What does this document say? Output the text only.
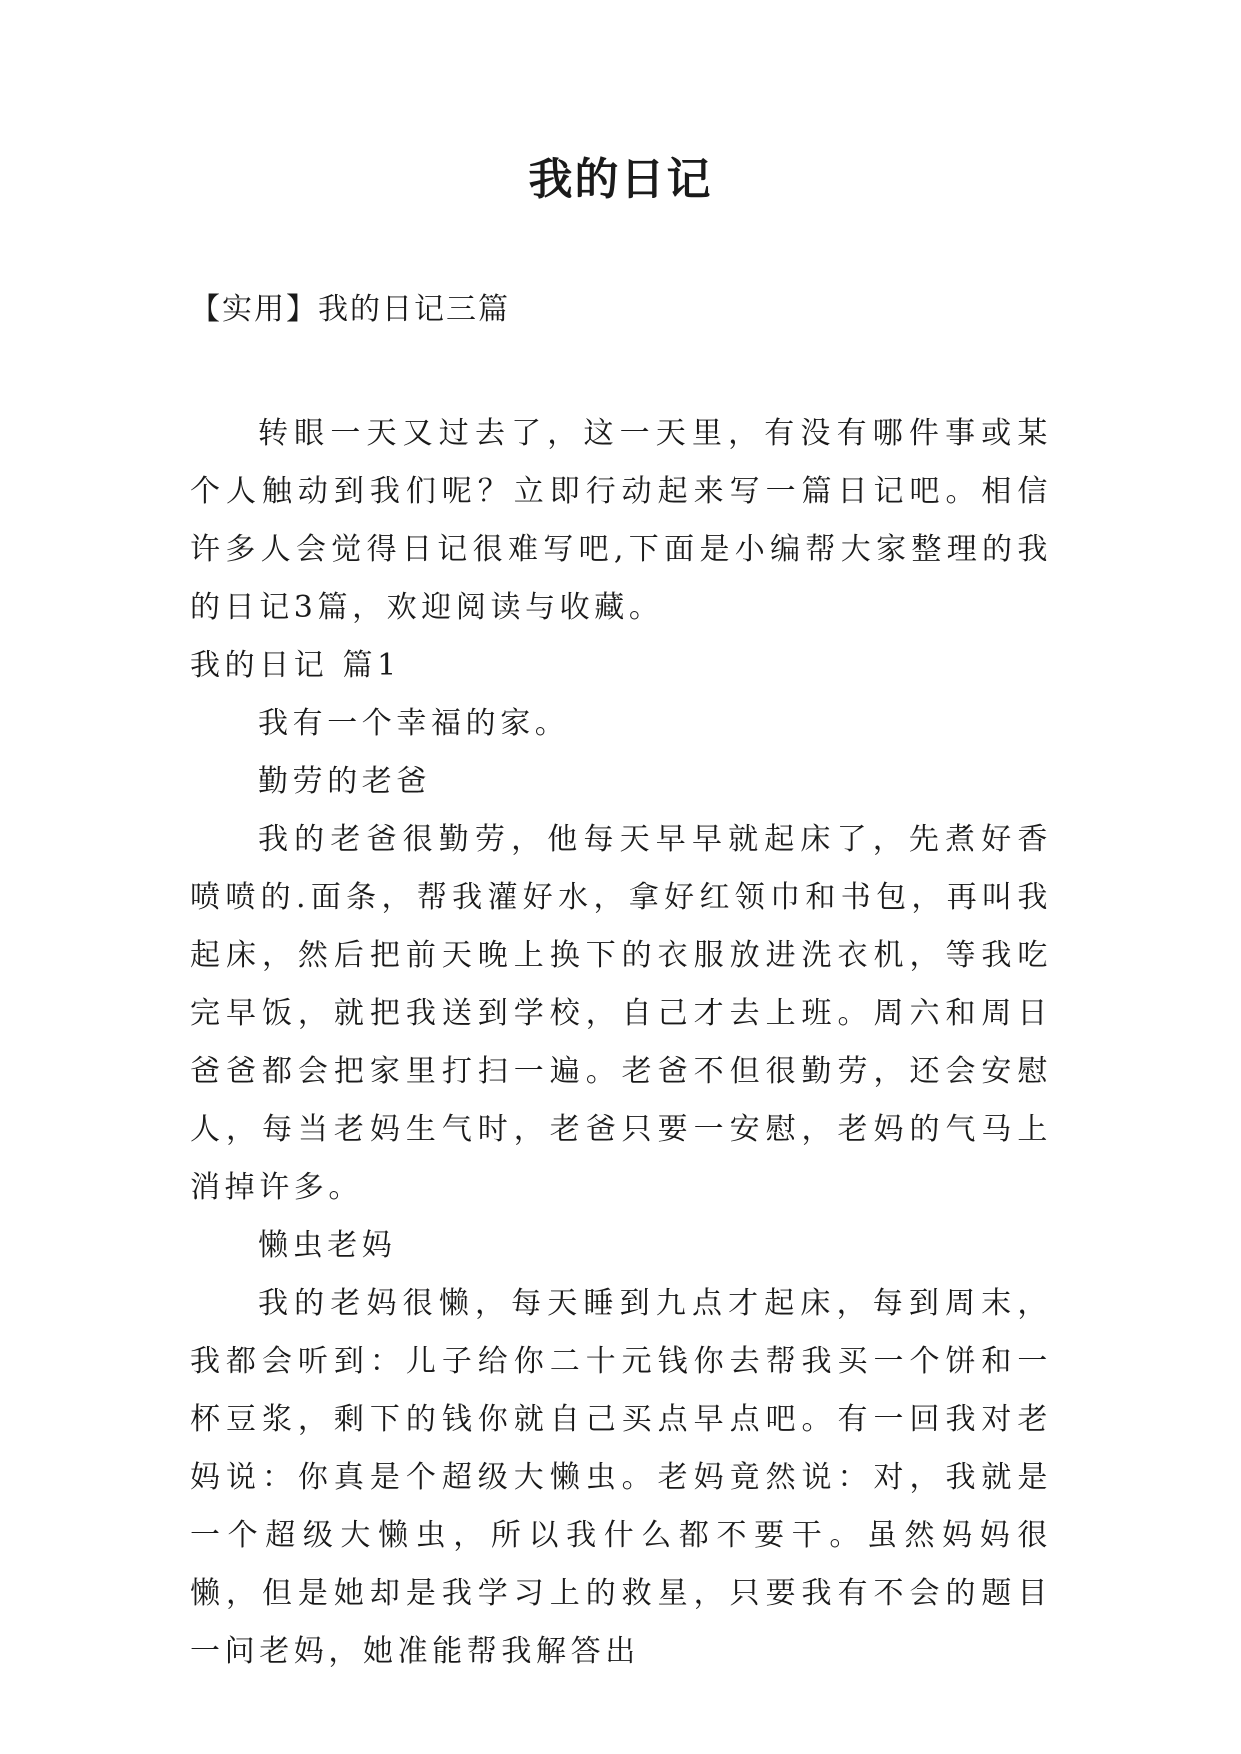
我的日记
【实用】我的日记三篇

转眼一天又过去了，这一天里，有没有哪件事或某个人触动到我们呢？立即行动起来写一篇日记吧。相信许多人会觉得日记很难写吧,下面是小编帮大家整理的我的日记3篇，欢迎阅读与收藏。

我的日记 篇1

我有一个幸福的家。

勤劳的老爸

我的老爸很勤劳，他每天早早就起床了，先煮好香喷喷的.面条，帮我灌好水，拿好红领巾和书包，再叫我起床，然后把前天晚上换下的衣服放进洗衣机，等我吃完早饭，就把我送到学校，自己才去上班。周六和周日爸爸都会把家里打扫一遍。老爸不但很勤劳，还会安慰人，每当老妈生气时，老爸只要一安慰，老妈的气马上消掉许多。

懒虫老妈

我的老妈很懒，每天睡到九点才起床，每到周末，我都会听到：儿子给你二十元钱你去帮我买一个饼和一杯豆浆，剩下的钱你就自己买点早点吧。有一回我对老妈说：你真是个超级大懒虫。老妈竟然说：对，我就是一个超级大懒虫，所以我什么都不要干。虽然妈妈很懒，但是她却是我学习上的救星，只要我有不会的题目一问老妈，她准能帮我解答出
